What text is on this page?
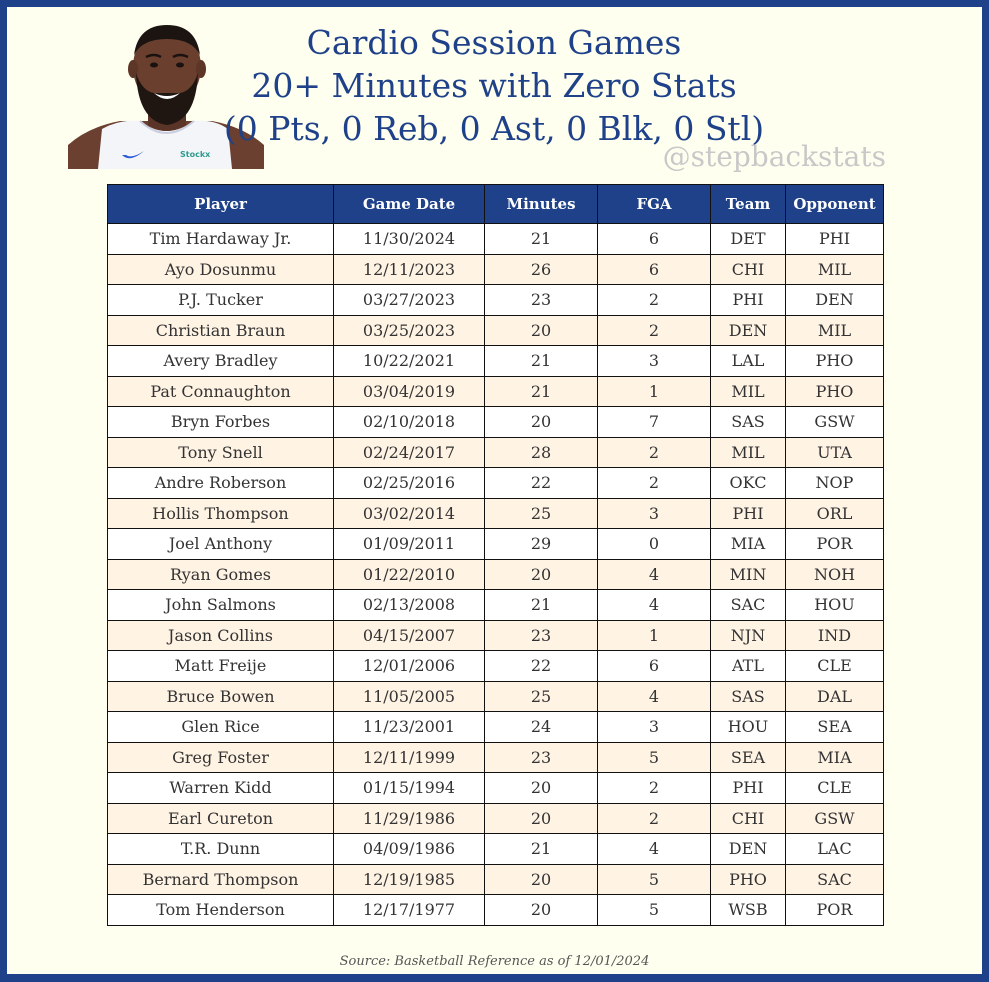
Stockx
Cardio Session Games
20+ Minutes with Zero Stats
(0 Pts, 0 Reb, 0 Ast, 0 Blk, 0 Stl)
@stepbackstats
Player	Game Date	Minutes	FGA	Team	Opponent
Tim Hardaway Jr.	11/30/2024	21	6	DET	PHI
Ayo Dosunmu	12/11/2023	26	6	CHI	MIL
P.J. Tucker	03/27/2023	23	2	PHI	DEN
Christian Braun	03/25/2023	20	2	DEN	MIL
Avery Bradley	10/22/2021	21	3	LAL	PHO
Pat Connaughton	03/04/2019	21	1	MIL	PHO
Bryn Forbes	02/10/2018	20	7	SAS	GSW
Tony Snell	02/24/2017	28	2	MIL	UTA
Andre Roberson	02/25/2016	22	2	OKC	NOP
Hollis Thompson	03/02/2014	25	3	PHI	ORL
Joel Anthony	01/09/2011	29	0	MIA	POR
Ryan Gomes	01/22/2010	20	4	MIN	NOH
John Salmons	02/13/2008	21	4	SAC	HOU
Jason Collins	04/15/2007	23	1	NJN	IND
Matt Freije	12/01/2006	22	6	ATL	CLE
Bruce Bowen	11/05/2005	25	4	SAS	DAL
Glen Rice	11/23/2001	24	3	HOU	SEA
Greg Foster	12/11/1999	23	5	SEA	MIA
Warren Kidd	01/15/1994	20	2	PHI	CLE
Earl Cureton	11/29/1986	20	2	CHI	GSW
T.R. Dunn	04/09/1986	21	4	DEN	LAC
Bernard Thompson	12/19/1985	20	5	PHO	SAC
Tom Henderson	12/17/1977	20	5	WSB	POR
Source: Basketball Reference as of 12/01/2024
